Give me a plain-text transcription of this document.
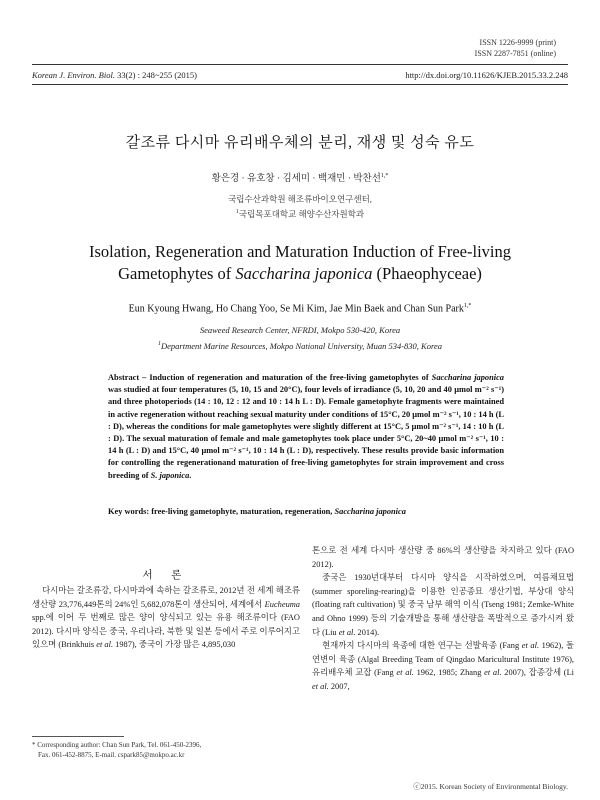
ISSN 1226-9999 (print)
ISSN 2287-7851 (online)
Korean J. Environ. Biol. 33(2) : 248~255 (2015)	http://dx.doi.org/10.11626/KJEB.2015.33.2.248
갈조류 다시마 유리배우체의 분리, 재생 및 성숙 유도
황은경 · 유호창 · 김세미 · 백재민 · 박찬선$^{1,*}$
국립수산과학원 해조류바이오연구센터,
$^1$국립목포대학교 해양수산자원학과
Isolation, Regeneration and Maturation Induction of Free-living
Gametophytes of Saccharina japonica (Phaeophyceae)
Eun Kyoung Hwang, Ho Chang Yoo, Se Mi Kim, Jae Min Baek and Chan Sun Park$^{1,*}$
Seaweed Research Center, NFRDI, Mokpo 530-420, Korea
$^1$Department Marine Resources, Mokpo National University, Muan 534-830, Korea
Abstract – Induction of regeneration and maturation of the free-living gametophytes of Saccharina japonica was studied at four temperatures (5, 10, 15 and 20°C), four levels of irradiance (5, 10, 20 and 40 μmol m⁻² s⁻¹) and three photoperiods (14 : 10, 12 : 12 and 10 : 14 h L : D). Female gametophyte fragments were maintained in active regeneration without reaching sexual maturity under conditions of 15°C, 20 μmol m⁻² s⁻¹, 10 : 14 h (L : D), whereas the conditions for male gametophytes were slightly different at 15°C, 5 μmol m⁻² s⁻¹, 14 : 10 h (L : D). The sexual maturation of female and male gametophytes took place under 5°C, 20~40 μmol m⁻² s⁻¹, 10 : 14 h (L : D) and 15°C, 40 μmol m⁻² s⁻¹, 10 : 14 h (L : D), respectively. These results provide basic information for controlling the regenerationand maturation of free-living gametophytes for strain improvement and cross breeding of S. japonica.
Key words: free-living gametophyte, maturation, regeneration, Saccharina japonica
서 론

다시마는 갈조류강, 다시마과에 속하는 갈조류로, 2012년 전 세계 해조류 생산량 23,776,449톤의 24%인 5,682,078톤이 생산되어, 세계에서 Eucheuma spp.에 이어 두 번째로 많은 양이 양식되고 있는 유용 해조류이다 (FAO 2012). 다시마 양식은 중국, 우리나라, 북한 및 일본 등에서 주로 이루어지고 있으며 (Brinkhuis et al. 1987), 중국이 가장 많은 4,895,030

톤으로 전 세계 다시마 생산량 중 86%의 생산량을 차지하고 있다 (FAO 2012).

중국은 1930년대부터 다시마 양식을 시작하였으며, 여름채묘법 (summer sporeling-rearing)을 이용한 인공종묘 생산기법, 부상대 양식 (floating raft cultivation) 및 중국 남부 해역 이식 (Tseng 1981; Zemke-White and Ohno 1999) 등의 기술개발을 통해 생산량을 폭발적으로 증가시켜 왔다 (Liu et al. 2014).

현재까지 다시마의 육종에 대한 연구는 선발육종 (Fang et al. 1962), 돌연변이 육종 (Algal Breeding Team of Qingdao Maricultural Institute 1976), 유리배우체 교잡 (Fang et al. 1962, 1985; Zhang et al. 2007), 잡종강세 (Li et al. 2007,

* Corresponding author: Chan Sun Park, Tel. 061-450-2396,
Fax. 061-452-8875, E-mail. cspark85@mokpo.ac.kr
ⓒ2015. Korean Society of Environmental Biology.
